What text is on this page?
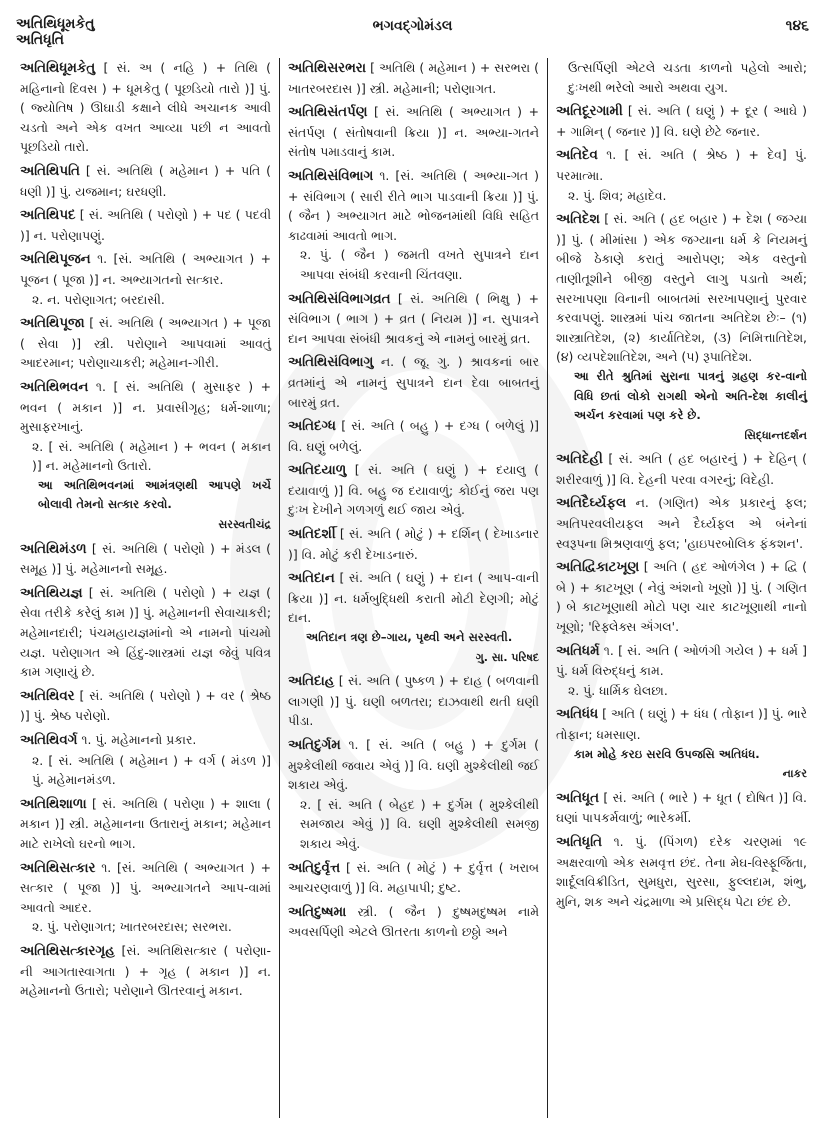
અતિથિધૂમકેતુ
અતિધૃતિ
ભગવદ્‍ગોમંડલ	૧૪૬
અતિથિધૂમકેતુ [ સં. અ ( નહિ ) + તિથિ ( મહિનાનો દિવસ ) + ધૂમકેતુ ( પૂછડિયો તારો )] પું. ( જ્યોતિષ ) ઊઘાડી કક્ષાને લીધે અચાનક આવી ચડતો અને એક વખત આવ્યા પછી ન આવતો પૂછડિયો તારો.
અતિથિપતિ [ સં. અતિથિ ( મહેમાન ) + પતિ ( ધણી )] પું. યજમાન; ઘરધણી.
અતિથિપદ [ સં. અતિથિ ( પરોણો ) + પદ ( પદવી )] ન. પરોણાપણું.
અતિથિપૂજન ૧. [સં. અતિથિ ( અભ્યાગત ) + પૂજન ( પૂજા )] ન. અભ્યાગતનો સત્કાર.
૨. ન. પરોણાગત; બરદાસી.
અતિથિપૂજા [ સં. અતિથિ ( અભ્યાગત ) + પૂજા ( સેવા )] સ્ત્રી. પરોણાને આપવામાં આવતું આદરમાન; પરોણાચાકરી; મહેમાન-ગીરી.
અતિથિભવન ૧. [ સં. અતિથિ ( મુસાફર ) + ભવન ( મકાન )] ન. પ્રવાસીગૃહ; ધર્મ-શાળા; મુસાફરખાનું.
૨. [ સં. અતિથિ ( મહેમાન ) + ભવન ( મકાન )] ન. મહેમાનનો ઉતારો.
આ અતિથિભવનમાં આમંત્રણથી આપણે ખર્ચે બોલાવી તેમનો સત્કાર કરવો.
સરસ્વતીચંદ્ર
અતિથિમંડળ [ સં. અતિથિ ( પરોણો ) + મંડલ ( સમૂહ )] પું. મહેમાનનો સમૂહ.
અતિથિયજ્ઞ [ સં. અતિથિ ( પરોણો ) + યજ્ઞ ( સેવા તરીકે કરેલું કામ )] પું. મહેમાનની સેવાચાકરી; મહેમાનદારી; પંચમહાયજ્ઞમાંનો એ નામનો પાંચમો યજ્ઞ. પરોણાગત એ હિંદુ-શાસ્ત્રમાં યજ્ઞ જેવું પવિત્ર કામ ગણાયું છે.
અતિથિવર [ સં. અતિથિ ( પરોણો ) + વર ( શ્રેષ્ઠ )] પું. શ્રેષ્ઠ પરોણો.
અતિથિવર્ગ ૧. પું. મહેમાનનો પ્રકાર.
૨. [ સં. અતિથિ ( મહેમાન ) + વર્ગ ( મંડળ )] પું. મહેમાનમંડળ.
અતિથિશાળા [ સં. અતિથિ ( પરોણા ) + શાલા ( મકાન )] સ્ત્રી. મહેમાનના ઉતારાનું મકાન; મહેમાન માટે રાખેલો ઘરનો ભાગ.
અતિથિસત્કાર ૧. [સં. અતિથિ ( અભ્યાગત ) + સત્કાર ( પૂજા )] પું. અભ્યાગતને આપ-વામાં આવતો આદર.
૨. પું. પરોણાગત; ખાતરબરદાસ; સરભરા.
અતિથિસત્કારગૃહ [સં. અતિથિસત્કાર ( પરોણા-ની આગતાસ્વાગતા ) + ગૃહ ( મકાન )] ન. મહેમાનનો ઉતારો; પરોણાને ઊતરવાનું મકાન.
અતિથિસરભરા [ અતિથિ ( મહેમાન ) + સરભરા ( ખાતરબરદાસ )] સ્ત્રી. મહેમાની; પરોણાગત.
અતિથિસંતર્પણ [ સં. અતિથિ ( અભ્યાગત ) + સંતર્પણ ( સંતોષવાની ક્રિયા )] ન. અભ્યા-ગતને સંતોષ પમાડવાનું કામ.
અતિથિસંવિભાગ ૧. [સં. અતિથિ ( અભ્યા-ગત ) + સંવિભાગ ( સારી રીતે ભાગ પાડવાની ક્રિયા )] પું. ( જૈન ) અભ્યાગત માટે ભોજનમાંથી વિધિ સહિત કાઢવામાં આવતો ભાગ.
૨. પું. ( જૈન ) જમતી વખતે સુપાત્રને દાન આપવા સંબંધી કરવાની ચિંતવણા.
અતિથિસંવિભાગવ્રત [ સં. અતિથિ ( ભિક્ષુ ) + સંવિભાગ ( ભાગ ) + વ્રત ( નિયમ )] ન. સુપાત્રને દાન આપવા સંબંધી શ્રાવકનું એ નામનું બારમું વ્રત.
અતિથિસંવિભાગુ ન. ( જૂ. ગુ. ) શ્રાવકનાં બાર વ્રતમાંનું એ નામનું સુપાત્રને દાન દેવા બાબતનું બારમું વ્રત.
અતિદગ્ધ [ સં. અતિ ( બહુ ) + દગ્ધ ( બળેલું )] વિ. ઘણું બળેલું.
અતિદયાળુ [ સં. અતિ ( ઘણું ) + દયાલુ ( દયાવાળું )] વિ. બહુ જ દયાવાળું; કોઈનું જરા પણ દુઃખ દેખીને ગળગળું થઈ જાય એવું.
અતિદર્શી [ સં. અતિ ( મોટું ) + દર્શિન્ ( દેખાડનાર )] વિ. મોટું કરી દેખાડનારું.
અતિદાન [ સં. અતિ ( ઘણું ) + દાન ( આપ-વાની ક્રિયા )] ન. ધર્મબુદ્ધિથી કરાતી મોટી દેણગી; મોટું દાન.
અતિદાન ત્રણ છે–ગાય, પૃથ્વી અને સરસ્વતી.
ગુ. સા. પરિષદ
અતિદાહ [ સં. અતિ ( પુષ્કળ ) + દાહ ( બળવાની લાગણી )] પું. ઘણી બળતરા; દાઝવાથી થતી ઘણી પીડા.
અતિદુર્ગમ ૧. [ સં. અતિ ( બહુ ) + દુર્ગમ ( મુશ્કેલીથી જવાય એવું )] વિ. ઘણી મુશ્કેલીથી જઈ શકાય એવું.
૨. [ સં. અતિ ( બેહદ ) + દુર્ગમ ( મુશ્કેલીથી સમજાય એવું )] વિ. ઘણી મુશ્કેલીથી સમજી શકાય એવું.
અતિદુર્વૃત્ત [ સં. અતિ ( મોટું ) + દુર્વૃત્ત ( ખરાબ આચરણવાળું )] વિ. મહાપાપી; દુષ્ટ.
અતિદુષ્ષમા સ્ત્રી. ( જૈન ) દુષ્ષમદુષ્ષમ નામે અવસર્પિણી એટલે ઊતરતા કાળનો છઠ્ઠો અને
ઉત્સર્પિણી એટલે ચડતા કાળનો પહેલો આરો; દુઃખથી ભરેલો આરો અથવા યુગ.
અતિદૂરગામી [ સં. અતિ ( ઘણું ) + દૂર ( આઘે ) + ગામિન્ ( જનાર )] વિ. ઘણે છેટે જનાર.
અતિદેવ ૧. [ સં. અતિ ( શ્રેષ્ઠ ) + દેવ] પું. પરમાત્મા.
૨. પું. શિવ; મહાદેવ.
અતિદેશ [ સં. અતિ ( હદ બહાર ) + દેશ ( જગ્યા )] પું. ( મીમાંસા ) એક જગ્યાના ધર્મ કે નિયમનું બીજે ઠેકાણે કરાતું આરોપણ; એક વસ્તુનો તાણીતૂશીને બીજી વસ્તુને લાગુ પડાતો અર્થ; સરખાપણા વિનાની બાબતમાં સરખાપણાનું પુરવાર કરવાપણું. શાસ્ત્રમાં પાંચ જાતના અતિદેશ છેઃ– (૧) શાસ્ત્રાતિદેશ, (૨) કાર્યાતિદેશ, (૩) નિમિત્તાતિદેશ, (૪) વ્યપદેશાતિદેશ, અને (૫) રૂપાતિદેશ.
આ રીતે શ્રુતિમાં સુરાના પાત્રનું ગ્રહણ કર-વાનો વિધિ છતાં લોકો રાગથી એનો અતિ-દેશ કાલીનું અર્ચન કરવામાં પણ કરે છે.
સિદ્ધાન્તદર્શન
અતિદેહી [ સં. અતિ ( હદ બહારનું ) + દેહિન્ ( શરીરવાળું )] વિ. દેહની પરવા વગરનું; વિદેહી.
અતિદૈર્ઘ્યફલ ન. (ગણિત) એક પ્રકારનું ફલ; અતિપરવલીયફલ અને દૈર્ઘ્યફલ એ બંનેનાં સ્વરૂપના મિશ્રણવાળું ફલ; 'હાઇપરબોલિક ફંકશન'.
અતિદ્વિકાટખૂણ [ અતિ ( હદ ઓળંગેલ ) + દ્વિ ( બે ) + કાટખૂણ ( નેવું અંશનો ખૂણો )] પું. ( ગણિત ) બે કાટખૂણાથી મોટો પણ ચાર કાટખૂણાથી નાનો ખૂણો; 'રિફ્લેક્સ ઍંગલ'.
અતિધર્મ ૧. [ સં. અતિ ( ઓળંગી ગયેલ ) + ધર્મ ] પું. ધર્મ વિરુદ્ધનું કામ.
૨. પું. ધાર્મિક ઘેલછા.
અતિધંધ [ અતિ ( ઘણું ) + ધંધ ( તોફાન )] પું. ભારે તોફાન; ધમસાણ.
કામ મોહે કરઇ સરવિ ઉપજસિ અતિધંધ.
નાકર
અતિધૂત [ સં. અતિ ( ભારે ) + ધૂત ( દોષિત )] વિ. ઘણાં પાપકર્મવાળું; ભારેકર્મી.
અતિધૃતિ ૧. પું. (પિંગળ) દરેક ચરણમાં ૧૯ અક્ષરવાળો એક સમવૃત્ત છંદ. તેના મેઘ-વિસ્ફૂર્જિતા, શાર્દૂલવિક્રીડિત, સુમધુરા, સુરસા, ફુલ્લદામ, શંભુ, મુનિ, શક અને ચંદ્રમાળા એ પ્રસિદ્ધ પેટા છંદ છે.
